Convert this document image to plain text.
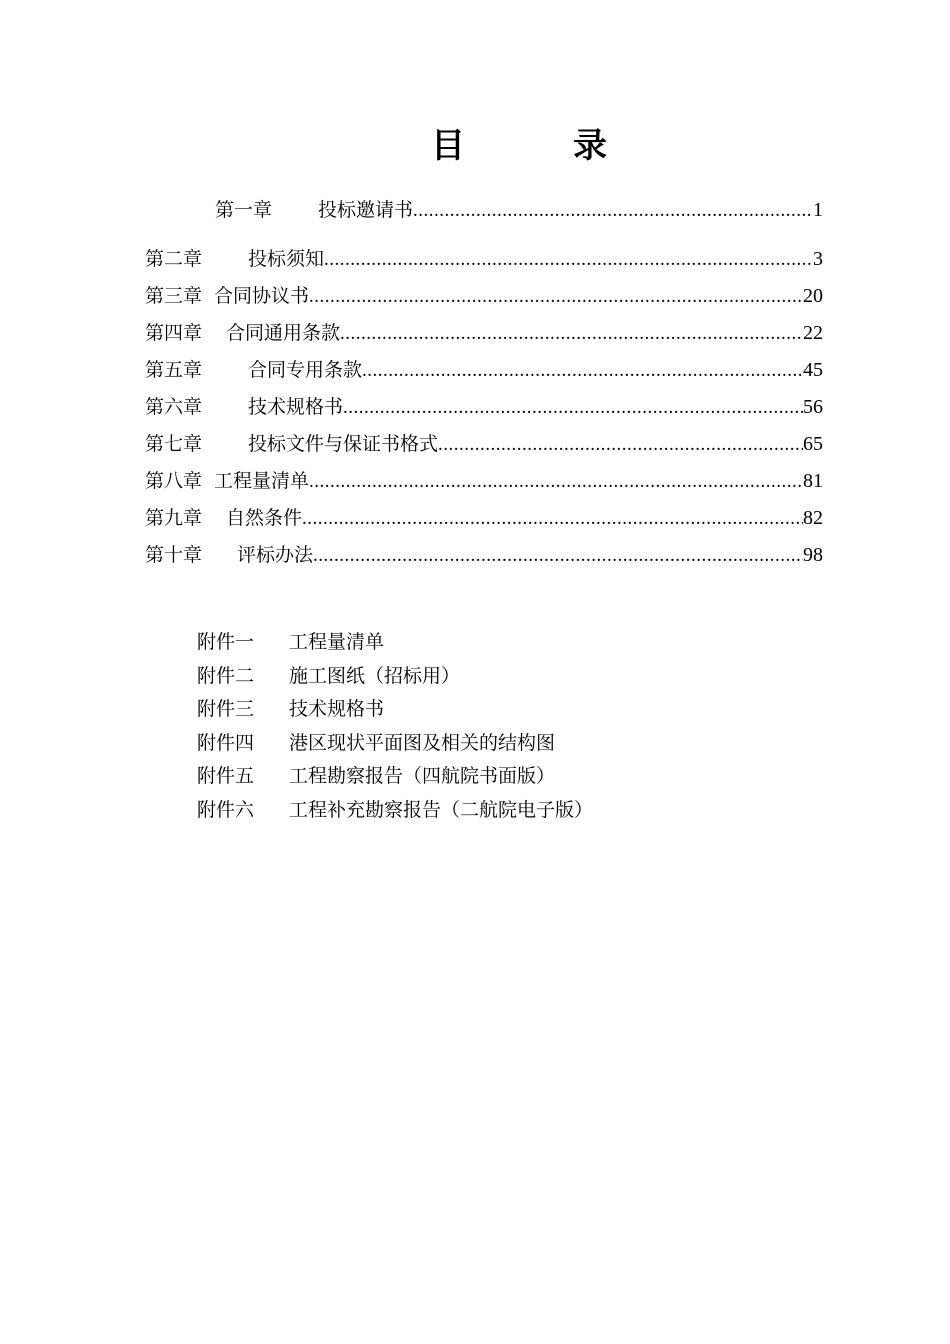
目	录
第一章 投标邀请书 .....	1
第二章 投标须知 .....	3
第三章 合同协议书 .....	20
第四章 合同通用条款 .....	22
第五章 合同专用条款 .....	45
第六章 技术规格书 .....	56
第七章 投标文件与保证书格式 .....	65
第八章 工程量清单 .....	81
第九章 自然条件 .....	82
第十章 评标办法 .....	98
附件一 工程量清单
附件二 施工图纸（招标用）
附件三 技术规格书
附件四 港区现状平面图及相关的结构图
附件五 工程勘察报告（四航院书面版）
附件六 工程补充勘察报告（二航院电子版）
